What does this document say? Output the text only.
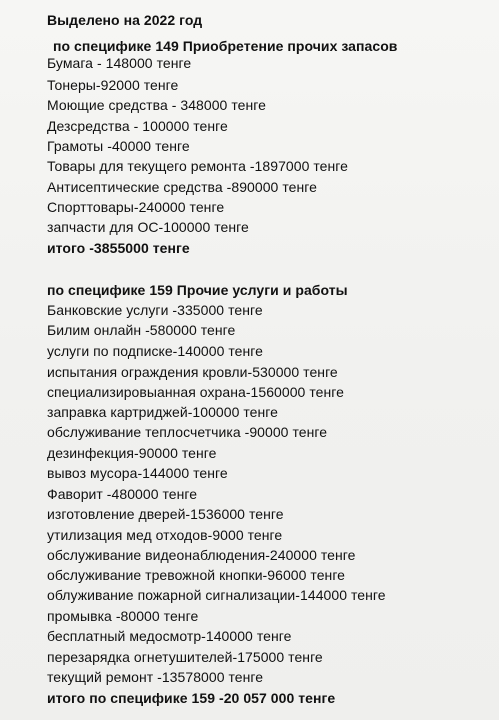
Выделено на 2022 год
по специфике 149 Приобретение прочих запасов
Бумага - 148000 тенге
Тонеры-92000 тенге
Моющие средства - 348000 тенге
Дезсредства - 100000 тенге
Грамоты -40000 тенге
Товары для текущего ремонта -1897000 тенге
Антисептические средства -890000 тенге
Спорттовары-240000 тенге
запчасти для ОС-100000 тенге
итого -3855000 тенге
по специфике 159 Прочие услуги и работы
Банковские услуги -335000 тенге
Билим онлайн -580000 тенге
услуги по подписке-140000 тенге
испытания ограждения кровли-530000 тенге
специализировыанная охрана-1560000 тенге
заправка картриджей-100000 тенге
обслуживание теплосчетчика -90000 тенге
дезинфекция-90000 тенге
вывоз мусора-144000 тенге
Фаворит -480000 тенге
изготовление дверей-1536000 тенге
утилизация мед отходов-9000 тенге
обслуживание видеонаблюдения-240000 тенге
обслуживание тревожной кнопки-96000 тенге
облуживание пожарной сигнализации-144000 тенге
промывка -80000 тенге
бесплатный медосмотр-140000 тенге
перезарядка огнетушителей-175000 тенге
текущий ремонт -13578000 тенге
итого по специфике 159 -20 057 000 тенге
